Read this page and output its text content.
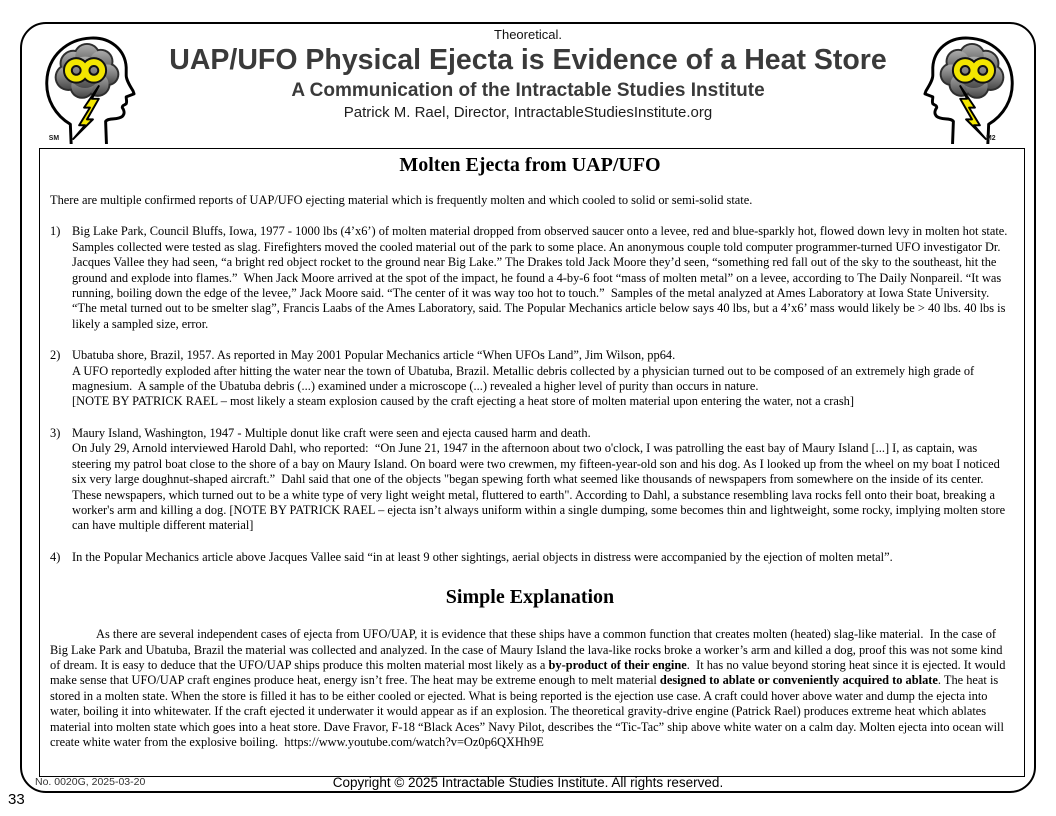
Theoretical.
SM
UAP/UFO Physical Ejecta is Evidence of a Heat Store
A Communication of the Intractable Studies Institute
Patrick M. Rael, Director, IntractableStudiesInstitute.org
M2
Molten Ejecta from UAP/UFO
There are multiple confirmed reports of UAP/UFO ejecting material which is frequently molten and which cooled to solid or semi-solid state.
1) Big Lake Park, Council Bluffs, Iowa, 1977 - 1000 lbs (4’x6’) of molten material dropped from observed saucer onto a levee, red and blue-sparkly hot, flowed down levy in molten hot state. Samples collected were tested as slag. Firefighters moved the cooled material out of the park to some place. An anonymous couple told computer programmer-turned UFO investigator Dr. Jacques Vallee they had seen, “a bright red object rocket to the ground near Big Lake.” The Drakes told Jack Moore they’d seen, “something red fall out of the sky to the southeast, hit the ground and explode into flames.”  When Jack Moore arrived at the spot of the impact, he found a 4-by-6 foot “mass of molten metal” on a levee, according to The Daily Nonpareil. “It was running, boiling down the edge of the levee,” Jack Moore said. “The center of it was way too hot to touch.”  Samples of the metal analyzed at Ames Laboratory at Iowa State University. “The metal turned out to be smelter slag”, Francis Laabs of the Ames Laboratory, said. The Popular Mechanics article below says 40 lbs, but a 4’x6’ mass would likely be > 40 lbs. 40 lbs is likely a sampled size, error.
2) Ubatuba shore, Brazil, 1957. As reported in May 2001 Popular Mechanics article “When UFOs Land”, Jim Wilson, pp64.
A UFO reportedly exploded after hitting the water near the town of Ubatuba, Brazil. Metallic debris collected by a physician turned out to be composed of an extremely high grade of magnesium.  A sample of the Ubatuba debris (...) examined under a microscope (...) revealed a higher level of purity than occurs in nature.
[NOTE BY PATRICK RAEL – most likely a steam explosion caused by the craft ejecting a heat store of molten material upon entering the water, not a crash]
3) Maury Island, Washington, 1947 - Multiple donut like craft were seen and ejecta caused harm and death.
On July 29, Arnold interviewed Harold Dahl, who reported:  “On June 21, 1947 in the afternoon about two o'clock, I was patrolling the east bay of Maury Island [...] I, as captain, was steering my patrol boat close to the shore of a bay on Maury Island. On board were two crewmen, my fifteen-year-old son and his dog. As I looked up from the wheel on my boat I noticed six very large doughnut-shaped aircraft.”  Dahl said that one of the objects "began spewing forth what seemed like thousands of newspapers from somewhere on the inside of its center. These newspapers, which turned out to be a white type of very light weight metal, fluttered to earth". According to Dahl, a substance resembling lava rocks fell onto their boat, breaking a worker's arm and killing a dog. [NOTE BY PATRICK RAEL – ejecta isn’t always uniform within a single dumping, some becomes thin and lightweight, some rocky, implying molten store can have multiple different material]
4) In the Popular Mechanics article above Jacques Vallee said “in at least 9 other sightings, aerial objects in distress were accompanied by the ejection of molten metal”.
Simple Explanation
As there are several independent cases of ejecta from UFO/UAP, it is evidence that these ships have a common function that creates molten (heated) slag-like material.  In the case of Big Lake Park and Ubatuba, Brazil the material was collected and analyzed. In the case of Maury Island the lava-like rocks broke a worker’s arm and killed a dog, proof this was not some kind of dream. It is easy to deduce that the UFO/UAP ships produce this molten material most likely as a by-product of their engine.  It has no value beyond storing heat since it is ejected. It would make sense that UFO/UAP craft engines produce heat, energy isn’t free. The heat may be extreme enough to melt material designed to ablate or conveniently acquired to ablate. The heat is stored in a molten state. When the store is filled it has to be either cooled or ejected. What is being reported is the ejection use case. A craft could hover above water and dump the ejecta into water, boiling it into whitewater. If the craft ejected it underwater it would appear as if an explosion. The theoretical gravity-drive engine (Patrick Rael) produces extreme heat which ablates material into molten state which goes into a heat store. Dave Fravor, F-18 “Black Aces” Navy Pilot, describes the “Tic-Tac” ship above white water on a calm day. Molten ejecta into ocean will create white water from the explosive boiling.  https://www.youtube.com/watch?v=Oz0p6QXHh9E
No. 0020G, 2025-03-20	Copyright © 2025 Intractable Studies Institute. All rights reserved.
33
